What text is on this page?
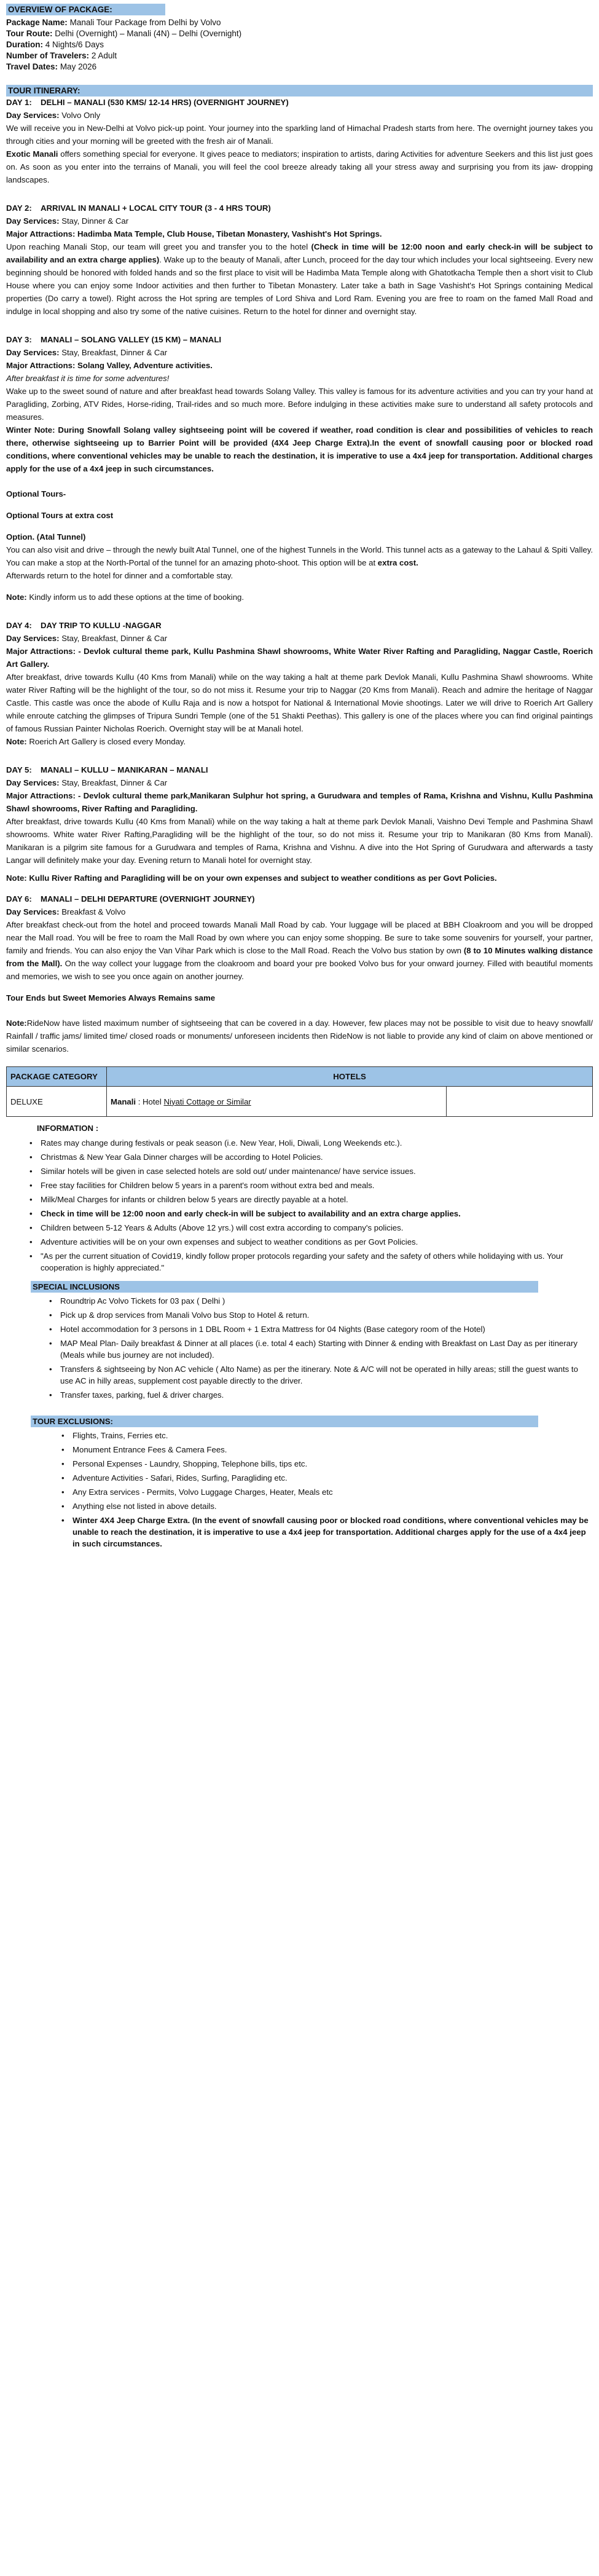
OVERVIEW OF PACKAGE:

Package Name: Manali Tour Package from Delhi by Volvo

Tour Route: Delhi (Overnight) – Manali (4N) – Delhi (Overnight)

Duration: 4 Nights/6 Days

Number of Travelers: 2 Adult

Travel Dates: May 2026

TOUR ITINERARY:

DAY 1: DELHI – MANALI (530 KMS/ 12-14 HRS) (OVERNIGHT JOURNEY)

Day Services: Volvo Only

We will receive you in New-Delhi at Volvo pick-up point. Your journey into the sparkling land of Himachal Pradesh starts from here. The overnight journey takes you through cities and your morning will be greeted with the fresh air of Manali.

Exotic Manali offers something special for everyone. It gives peace to mediators; inspiration to artists, daring Activities for adventure Seekers and this list just goes on. As soon as you enter into the terrains of Manali, you will feel the cool breeze already taking all your stress away and surprising you from its jaw- dropping landscapes.

DAY 2: ARRIVAL IN MANALI + LOCAL CITY TOUR (3 - 4 HRS TOUR)

Day Services: Stay, Dinner & Car

Major Attractions: Hadimba Mata Temple, Club House, Tibetan Monastery, Vashisht's Hot Springs.

Upon reaching Manali Stop, our team will greet you and transfer you to the hotel (Check in time will be 12:00 noon and early check-in will be subject to availability and an extra charge applies). Wake up to the beauty of Manali, after Lunch, proceed for the day tour which includes your local sightseeing. Every new beginning should be honored with folded hands and so the first place to visit will be Hadimba Mata Temple along with Ghatotkacha Temple then a short visit to Club House where you can enjoy some Indoor activities and then further to Tibetan Monastery. Later take a bath in Sage Vashisht's Hot Springs containing Medical properties (Do carry a towel). Right across the Hot spring are temples of Lord Shiva and Lord Ram. Evening you are free to roam on the famed Mall Road and indulge in local shopping and also try some of the native cuisines. Return to the hotel for dinner and overnight stay.

DAY 3: MANALI – SOLANG VALLEY (15 KM) – MANALI

Day Services: Stay, Breakfast, Dinner & Car

Major Attractions: Solang Valley, Adventure activities.

After breakfast it is time for some adventures!

Wake up to the sweet sound of nature and after breakfast head towards Solang Valley. This valley is famous for its adventure activities and you can try your hand at Paragliding, Zorbing, ATV Rides, Horse-riding, Trail-rides and so much more. Before indulging in these activities make sure to understand all safety protocols and measures.

Winter Note: During Snowfall Solang valley sightseeing point will be covered if weather, road condition is clear and possibilities of vehicles to reach there, otherwise sightseeing up to Barrier Point will be provided (4X4 Jeep Charge Extra).In the event of snowfall causing poor or blocked road conditions, where conventional vehicles may be unable to reach the destination, it is imperative to use a 4x4 jeep for transportation. Additional charges apply for the use of a 4x4 jeep in such circumstances.

Optional Tours-

Optional Tours at extra cost

Option. (Atal Tunnel)

You can also visit and drive – through the newly built Atal Tunnel, one of the highest Tunnels in the World. This tunnel acts as a gateway to the Lahaul & Spiti Valley. You can make a stop at the North-Portal of the tunnel for an amazing photo-shoot. This option will be at extra cost.
Afterwards return to the hotel for dinner and a comfortable stay.

Note: Kindly inform us to add these options at the time of booking.

DAY 4: DAY TRIP TO KULLU -NAGGAR

Day Services: Stay, Breakfast, Dinner & Car

Major Attractions: - Devlok cultural theme park, Kullu Pashmina Shawl showrooms, White Water River Rafting and Paragliding, Naggar Castle, Roerich Art Gallery.

After breakfast, drive towards Kullu (40 Kms from Manali) while on the way taking a halt at theme park Devlok Manali, Kullu Pashmina Shawl showrooms. White water River Rafting will be the highlight of the tour, so do not miss it. Resume your trip to Naggar (20 Kms from Manali). Reach and admire the heritage of Naggar Castle. This castle was once the abode of Kullu Raja and is now a hotspot for National & International Movie shootings. Later we will drive to Roerich Art Gallery while enroute catching the glimpses of Tripura Sundri Temple (one of the 51 Shakti Peethas). This gallery is one of the places where you can find original paintings of famous Russian Painter Nicholas Roerich. Overnight stay will be at Manali hotel.

Note: Roerich Art Gallery is closed every Monday.

DAY 5: MANALI – KULLU – MANIKARAN – MANALI

Day Services: Stay, Breakfast, Dinner & Car

Major Attractions: - Devlok cultural theme park,Manikaran Sulphur hot spring, a Gurudwara and temples of Rama, Krishna and Vishnu, Kullu Pashmina Shawl showrooms, River Rafting and Paragliding.

After breakfast, drive towards Kullu (40 Kms from Manali) while on the way taking a halt at theme park Devlok Manali, Vaishno Devi Temple and Pashmina Shawl showrooms. White water River Rafting,Paragliding will be the highlight of the tour, so do not miss it. Resume your trip to Manikaran (80 Kms from Manali). Manikaran is a pilgrim site famous for a Gurudwara and temples of Rama, Krishna and Vishnu. A dive into the Hot Spring of Gurudwara and afterwards a tasty Langar will definitely make your day. Evening return to Manali hotel for overnight stay.

Note: Kullu River Rafting and Paragliding will be on your own expenses and subject to weather conditions as per Govt Policies.

DAY 6: MANALI – DELHI DEPARTURE (OVERNIGHT JOURNEY)

Day Services: Breakfast & Volvo

After breakfast check-out from the hotel and proceed towards Manali Mall Road by cab. Your luggage will be placed at BBH Cloakroom and you will be dropped near the Mall road. You will be free to roam the Mall Road by own where you can enjoy some shopping. Be sure to take some souvenirs for yourself, your partner, family and friends. You can also enjoy the Van Vihar Park which is close to the Mall Road. Reach the Volvo bus station by own (8 to 10 Minutes walking distance from the Mall). On the way collect your luggage from the cloakroom and board your pre booked Volvo bus for your onward journey. Filled with beautiful moments and memories, we wish to see you once again on another journey.

Tour Ends but Sweet Memories Always Remains same

Note:RideNow have listed maximum number of sightseeing that can be covered in a day. However, few places may not be possible to visit due to heavy snowfall/ Rainfall / traffic jams/ limited time/ closed roads or monuments/ unforeseen incidents then RideNow is not liable to provide any kind of claim on above mentioned or similar scenarios.

PACKAGE CATEGORY	HOTELS	
DELUXE	Manali : Hotel Niyati Cottage or Similar	

INFORMATION :

• Rates may change during festivals or peak season (i.e. New Year, Holi, Diwali, Long Weekends etc.).
• Christmas & New Year Gala Dinner charges will be according to Hotel Policies.
• Similar hotels will be given in case selected hotels are sold out/ under maintenance/ have service issues.
• Free stay facilities for Children below 5 years in a parent's room without extra bed and meals.
• Milk/Meal Charges for infants or children below 5 years are directly payable at a hotel.
• Check in time will be 12:00 noon and early check-in will be subject to availability and an extra charge applies.
• Children between 5-12 Years & Adults (Above 12 yrs.) will cost extra according to company's policies.
• Adventure activities will be on your own expenses and subject to weather conditions as per Govt Policies.
• "As per the current situation of Covid19, kindly follow proper protocols regarding your safety and the safety of others while holidaying with us. Your cooperation is highly appreciated."
SPECIAL INCLUSIONS
• Roundtrip Ac Volvo Tickets for 03 pax ( Delhi )
• Pick up & drop services from Manali Volvo bus Stop to Hotel & return.
• Hotel accommodation for 3 persons in 1 DBL Room + 1 Extra Mattress for 04 Nights (Base category room of the Hotel)
• MAP Meal Plan- Daily breakfast & Dinner at all places (i.e. total 4 each) Starting with Dinner & ending with Breakfast on Last Day as per itinerary (Meals while bus journey are not included).
• Transfers & sightseeing by Non AC vehicle ( Alto Name) as per the itinerary. Note & A/C will not be operated in hilly areas; still the guest wants to use AC in hilly areas, supplement cost payable directly to the driver.
• Transfer taxes, parking, fuel & driver charges.
TOUR EXCLUSIONS:
• Flights, Trains, Ferries etc.
• Monument Entrance Fees & Camera Fees.
• Personal Expenses - Laundry, Shopping, Telephone bills, tips etc.
• Adventure Activities - Safari, Rides, Surfing, Paragliding etc.
• Any Extra services - Permits, Volvo Luggage Charges, Heater, Meals etc
• Anything else not listed in above details.
• Winter 4X4 Jeep Charge Extra. (In the event of snowfall causing poor or blocked road conditions, where conventional vehicles may be unable to reach the destination, it is imperative to use a 4x4 jeep for transportation. Additional charges apply for the use of a 4x4 jeep in such circumstances.
